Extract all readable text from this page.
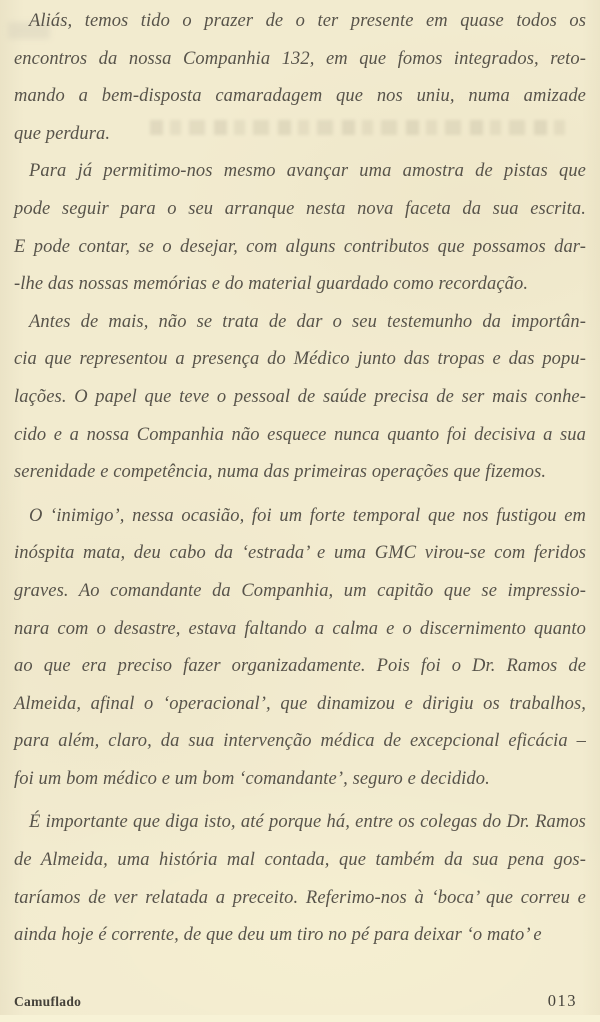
Aliás, temos tido o prazer de o ter presente em quase todos os
encontros da nossa Companhia 132, em que fomos integrados, reto-
mando a bem-disposta camaradagem que nos uniu, numa amizade
que perdura.
Para já permitimo-nos mesmo avançar uma amostra de pistas que
pode seguir para o seu arranque nesta nova faceta da sua escrita.
E pode contar, se o desejar, com alguns contributos que possamos dar-
-lhe das nossas memórias e do material guardado como recordação.
Antes de mais, não se trata de dar o seu testemunho da importân-
cia que representou a presença do Médico junto das tropas e das popu-
lações. O papel que teve o pessoal de saúde precisa de ser mais conhe-
cido e a nossa Companhia não esquece nunca quanto foi decisiva a sua
serenidade e competência, numa das primeiras operações que fizemos.
O ‘inimigo’, nessa ocasião, foi um forte temporal que nos fustigou em
inóspita mata, deu cabo da ‘estrada’ e uma GMC virou-se com feridos
graves. Ao comandante da Companhia, um capitão que se impressio-
nara com o desastre, estava faltando a calma e o discernimento quanto
ao que era preciso fazer organizadamente. Pois foi o Dr. Ramos de
Almeida, afinal o ‘operacional’, que dinamizou e dirigiu os trabalhos,
para além, claro, da sua intervenção médica de excepcional eficácia –
foi um bom médico e um bom ‘comandante’, seguro e decidido.
É importante que diga isto, até porque há, entre os colegas do Dr. Ramos
de Almeida, uma história mal contada, que também da sua pena gos-
taríamos de ver relatada a preceito. Referimo-nos à ‘boca’ que correu e
ainda hoje é corrente, de que deu um tiro no pé para deixar ‘o mato’ e
Camuflado	013
